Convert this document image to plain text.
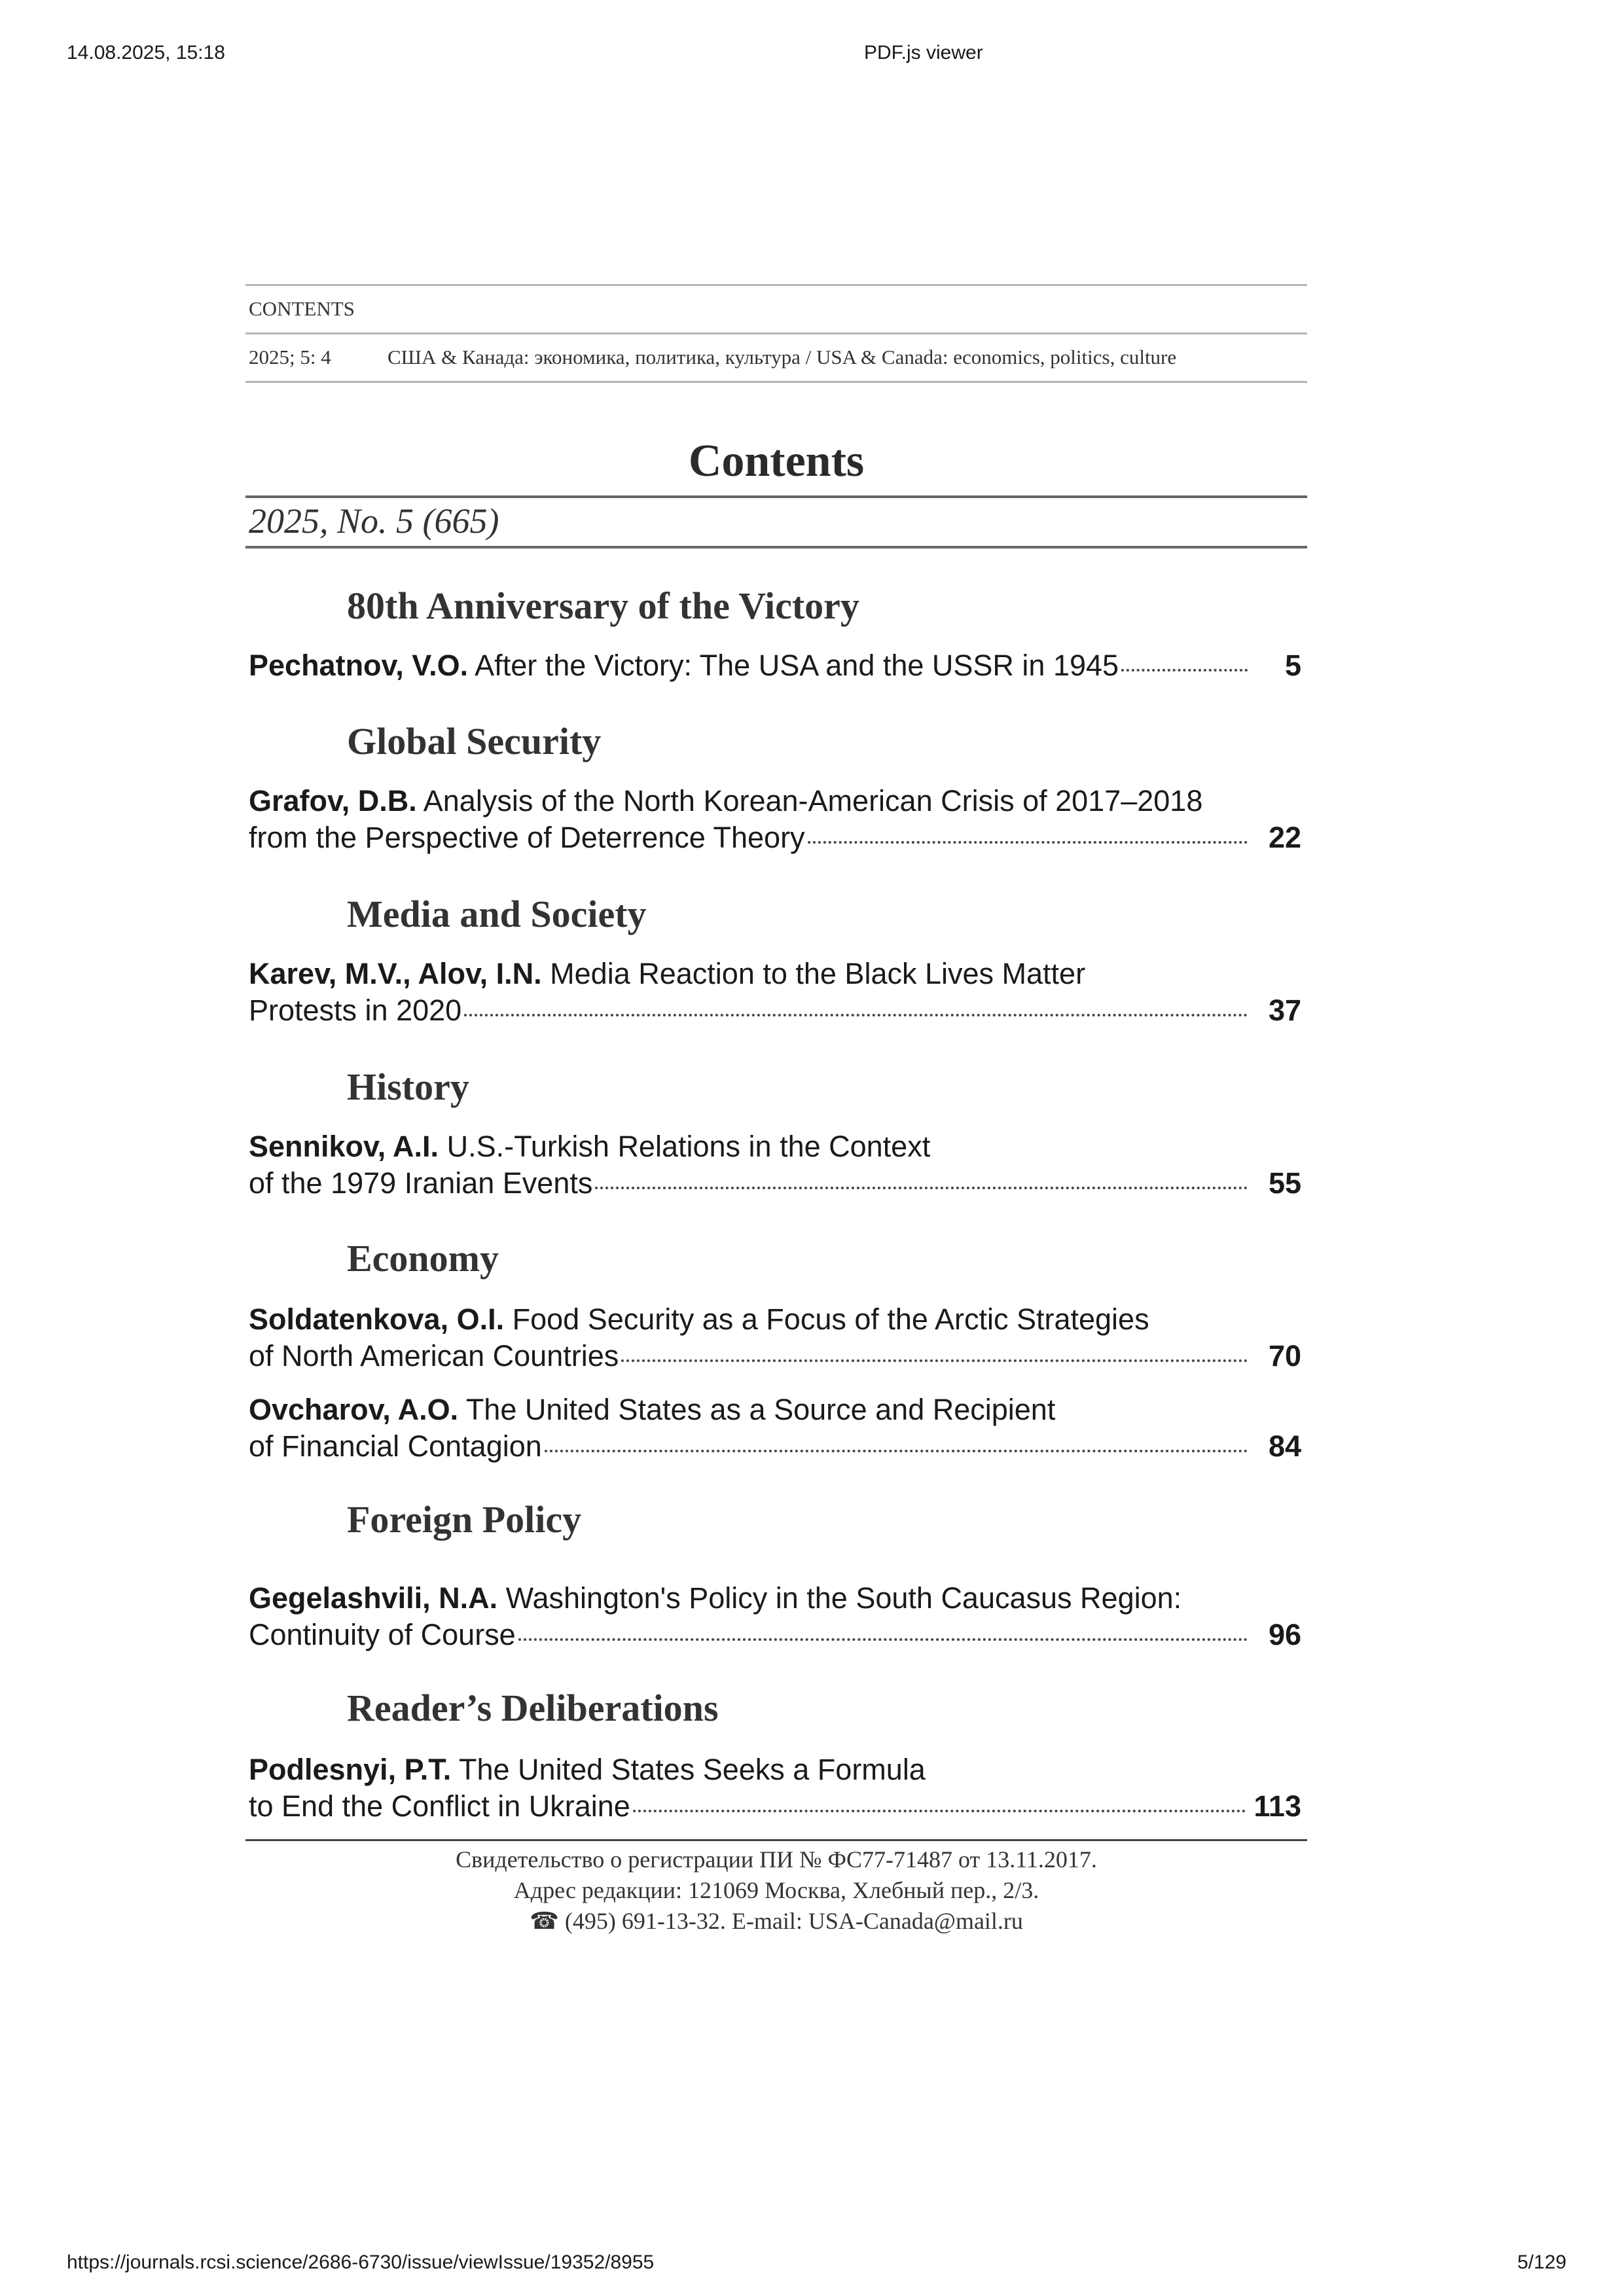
14.08.2025, 15:18	PDF.js viewer
CONTENTS
2025; 5: 4	США & Канада: экономика, политика, культура / USA & Canada: economics, politics, culture
Contents
2025, No. 5 (665)
80th Anniversary of the Victory
Pechatnov, V.O. After the Victory: The USA and the USSR in 1945	5
Global Security
Grafov, D.B. Analysis of the North Korean-American Crisis of 2017–2018
from the Perspective of Deterrence Theory	22
Media and Society
Karev, M.V., Alov, I.N. Media Reaction to the Black Lives Matter
Protests in 2020	37
History
Sennikov, A.I. U.S.-Turkish Relations in the Context
of the 1979 Iranian Events	55
Economy
Soldatenkova, O.I. Food Security as a Focus of the Arctic Strategies
of North American Countries	70
Ovcharov, A.O. The United States as a Source and Recipient
of Financial Contagion	84
Foreign Policy
Gegelashvili, N.A. Washington's Policy in the South Caucasus Region:
Continuity of Course	96
Reader’s Deliberations
Podlesnyi, P.T. The United States Seeks a Formula
to End the Conflict in Ukraine	113
Свидетельство о регистрации ПИ № ФС77-71487 от 13.11.2017.
Адрес редакции: 121069 Москва, Хлебный пер., 2/3.
☎ (495) 691-13-32. E-mail: USA-Canada@mail.ru
https://journals.rcsi.science/2686-6730/issue/viewIssue/19352/8955	5/129
